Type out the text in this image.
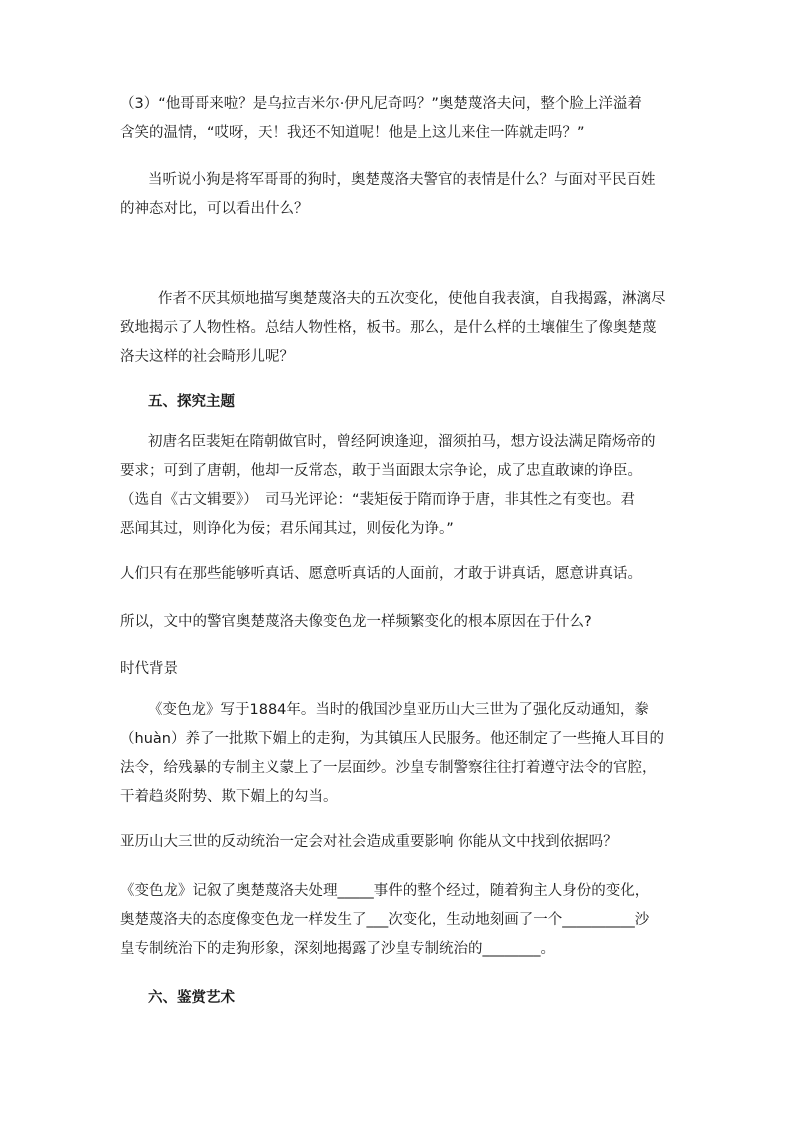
（3）“他哥哥来啦？是乌拉吉米尔·伊凡尼奇吗？”奥楚蔑洛夫问，整个脸上洋溢着
含笑的温情，“哎呀，天！我还不知道呢！他是上这儿来住一阵就走吗？”

当听说小狗是将军哥哥的狗时，奥楚蔑洛夫警官的表情是什么？与面对平民百姓
的神态对比，可以看出什么？

作者不厌其烦地描写奥楚蔑洛夫的五次变化，使他自我表演，自我揭露，淋漓尽
致地揭示了人物性格。总结人物性格，板书。那么，是什么样的土壤催生了像奥楚蔑
洛夫这样的社会畸形儿呢？

五、探究主题

初唐名臣裴矩在隋朝做官时，曾经阿谀逢迎，溜须拍马，想方设法满足隋炀帝的
要求；可到了唐朝，他却一反常态，敢于当面跟太宗争论，成了忠直敢谏的诤臣。
（选自《古文辑要》）　司马光评论：“裴矩佞于隋而诤于唐，非其性之有变也。君
恶闻其过，则诤化为佞；君乐闻其过，则佞化为诤。”

人们只有在那些能够听真话、愿意听真话的人面前，才敢于讲真话，愿意讲真话。

所以，文中的警官奥楚蔑洛夫像变色龙一样频繁变化的根本原因在于什么?

时代背景

《变色龙》写于1884年。当时的俄国沙皇亚历山大三世为了强化反动通知，豢
（huàn）养了一批欺下媚上的走狗，为其镇压人民服务。他还制定了一些掩人耳目的
法令，给残暴的专制主义蒙上了一层面纱。沙皇专制警察往往打着遵守法令的官腔，
干着趋炎附势、欺下媚上的勾当。

亚历山大三世的反动统治一定会对社会造成重要影响 你能从文中找到依据吗？

《变色龙》记叙了奥楚蔑洛夫处理_____事件的整个经过，随着狗主人身份的变化，
奥楚蔑洛夫的态度像变色龙一样发生了___次变化，生动地刻画了一个__________沙
皇专制统治下的走狗形象，深刻地揭露了沙皇专制统治的________。

六、鉴赏艺术
